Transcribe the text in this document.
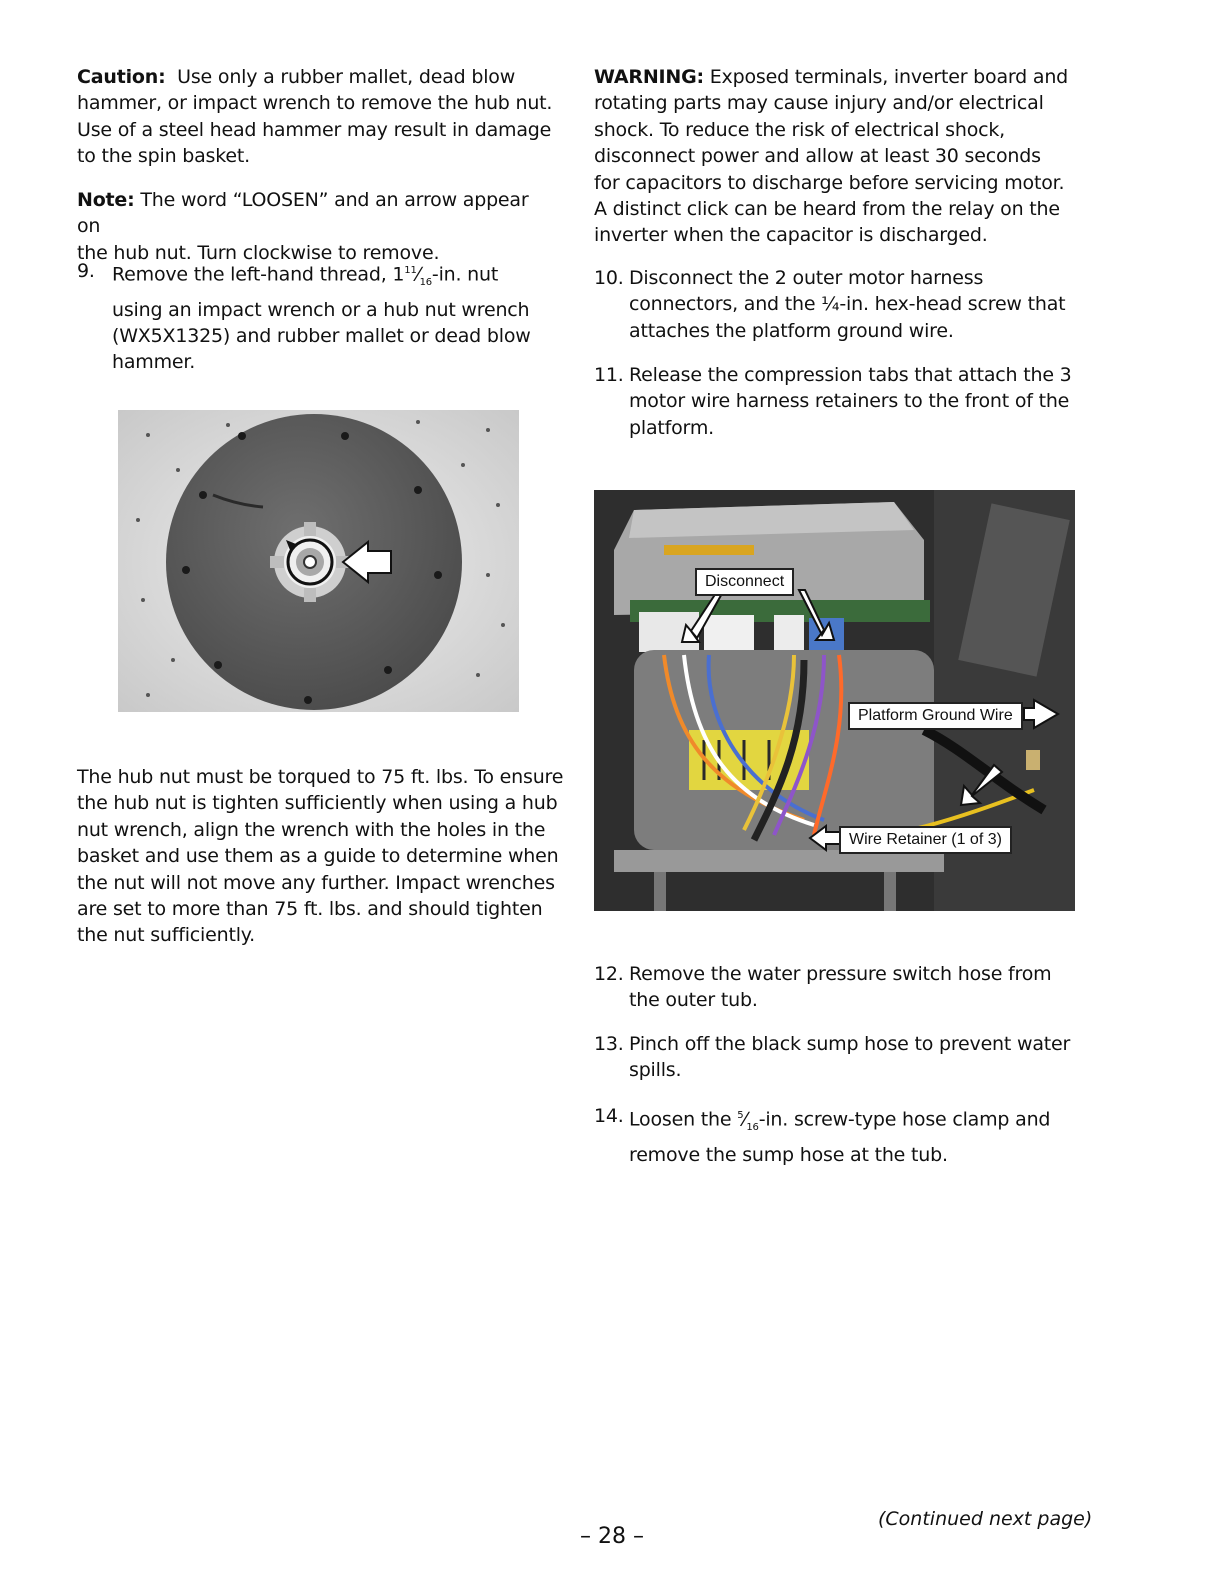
Caution: Use only a rubber mallet, dead blow
hammer, or impact wrench to remove the hub nut.
Use of a steel head hammer may result in damage
to the spin basket.
Note: The word “LOOSEN” and an arrow appear on
the hub nut. Turn clockwise to remove.
9. Remove the left-hand thread, $1^{11}⁄_{16}-in$. nut
using an impact wrench or a hub nut wrench
(WX5X1325) and rubber mallet or dead blow
hammer.
The hub nut must be torqued to 75 ft. lbs. To ensure
the hub nut is tighten sufficiently when using a hub
nut wrench, align the wrench with the holes in the
basket and use them as a guide to determine when
the nut will not move any further. Impact wrenches
are set to more than 75 ft. lbs. and should tighten
the nut sufficiently.
WARNING: Exposed terminals, inverter board and
rotating parts may cause injury and/or electrical
shock. To reduce the risk of electrical shock,
disconnect power and allow at least 30 seconds
for capacitors to discharge before servicing motor.
A distinct click can be heard from the relay on the
inverter when the capacitor is discharged.
10. Disconnect the 2 outer motor harness
connectors, and the ¼-in. hex-head screw that
attaches the platform ground wire.
11. Release the compression tabs that attach the 3
motor wire harness retainers to the front of the
platform.
Disconnect
Platform Ground Wire
Wire Retainer (1 of 3)
12. Remove the water pressure switch hose from
the outer tub.
13. Pinch off the black sump hose to prevent water
spills.
14. Loosen the $^5⁄_{16}-in$. screw-type hose clamp and
remove the sump hose at the tub.
(Continued next page)
– 28 –
